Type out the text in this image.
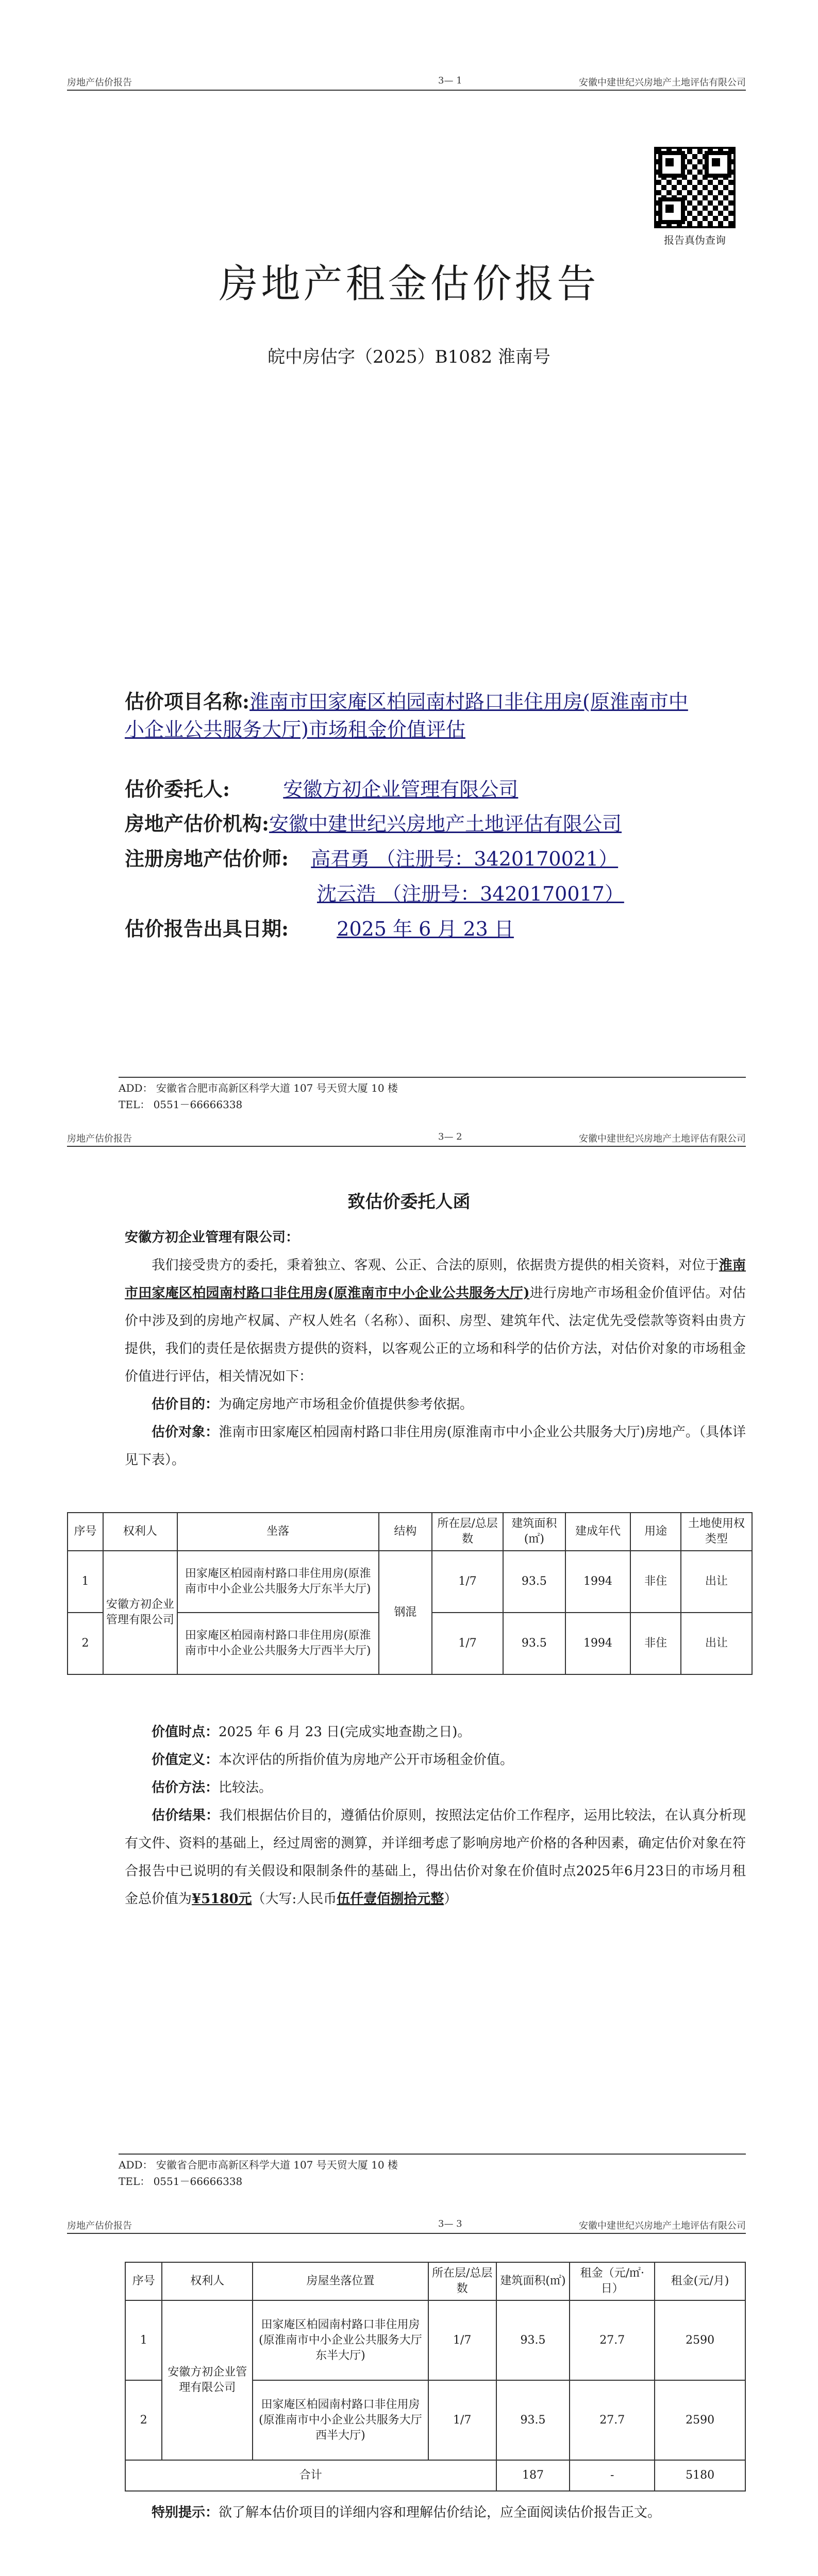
房地产估价报告	3— 1	安徽中建世纪兴房地产土地评估有限公司
报告真伪查询
房地产租金估价报告
皖中房估字（2025）B1082 淮南号
估价项目名称:淮南市田家庵区柏园南村路口非住用房(原淮南市中小企业公共服务大厅)市场租金价值评估
估价委托人:	安徽方初企业管理有限公司
房地产估价机构:安徽中建世纪兴房地产土地评估有限公司
注册房地产估价师: 高君勇 （注册号：3420170021）
沈云浩 （注册号：3420170017）
估价报告出具日期: 2025 年 6 月 23 日
ADD： 安徽省合肥市高新区科学大道 107 号天贸大厦 10 楼
TEL： 0551－66666338
房地产估价报告	3— 2	安徽中建世纪兴房地产土地评估有限公司
致估价委托人函
安徽方初企业管理有限公司：
我们接受贵方的委托，秉着独立、客观、公正、合法的原则，依据贵方提供的相关资料，对位于淮南市田家庵区柏园南村路口非住用房(原淮南市中小企业公共服务大厅)进行房地产市场租金价值评估。对估价中涉及到的房地产权属、产权人姓名（名称）、面积、房型、建筑年代、法定优先受偿款等资料由贵方提供，我们的责任是依据贵方提供的资料，以客观公正的立场和科学的估价方法，对估价对象的市场租金价值进行评估，相关情况如下：
估价目的：为确定房地产市场租金价值提供参考依据。
估价对象：淮南市田家庵区柏园南村路口非住用房(原淮南市中小企业公共服务大厅)房地产。（具体详见下表）。
序号	权利人	坐落	结构	所在层/总层数	建筑面积(㎡)	建成年代	用途	土地使用权类型
1	安徽方初企业管理有限公司	田家庵区柏园南村路口非住用房(原淮南市中小企业公共服务大厅东半大厅)	钢混	1/7	93.5	1994	非住	出让
2		田家庵区柏园南村路口非住用房(原淮南市中小企业公共服务大厅西半大厅)		1/7	93.5	1994	非住	出让
价值时点：2025 年 6 月 23 日(完成实地查勘之日)。
价值定义：本次评估的所指价值为房地产公开市场租金价值。
估价方法：比较法。
估价结果：我们根据估价目的，遵循估价原则，按照法定估价工作程序，运用比较法，在认真分析现有文件、资料的基础上，经过周密的测算，并详细考虑了影响房地产价格的各种因素，确定估价对象在符合报告中已说明的有关假设和限制条件的基础上，得出估价对象在价值时点2025年6月23日的市场月租金总价值为¥5180元（大写:人民币伍仟壹佰捌拾元整）
ADD： 安徽省合肥市高新区科学大道 107 号天贸大厦 10 楼
TEL： 0551－66666338
房地产估价报告	3— 3	安徽中建世纪兴房地产土地评估有限公司
序号	权利人	房屋坐落位置	所在层/总层数	建筑面积(㎡)	租金（元/㎡·日）	租金(元/月)
1	安徽方初企业管理有限公司	田家庵区柏园南村路口非住用房(原淮南市中小企业公共服务大厅东半大厅)	1/7	93.5	27.7	2590
2		田家庵区柏园南村路口非住用房(原淮南市中小企业公共服务大厅西半大厅)	1/7	93.5	27.7	2590
合计				187	-	5180
特别提示：欲了解本估价项目的详细内容和理解估价结论，应全面阅读估价报告正文。
